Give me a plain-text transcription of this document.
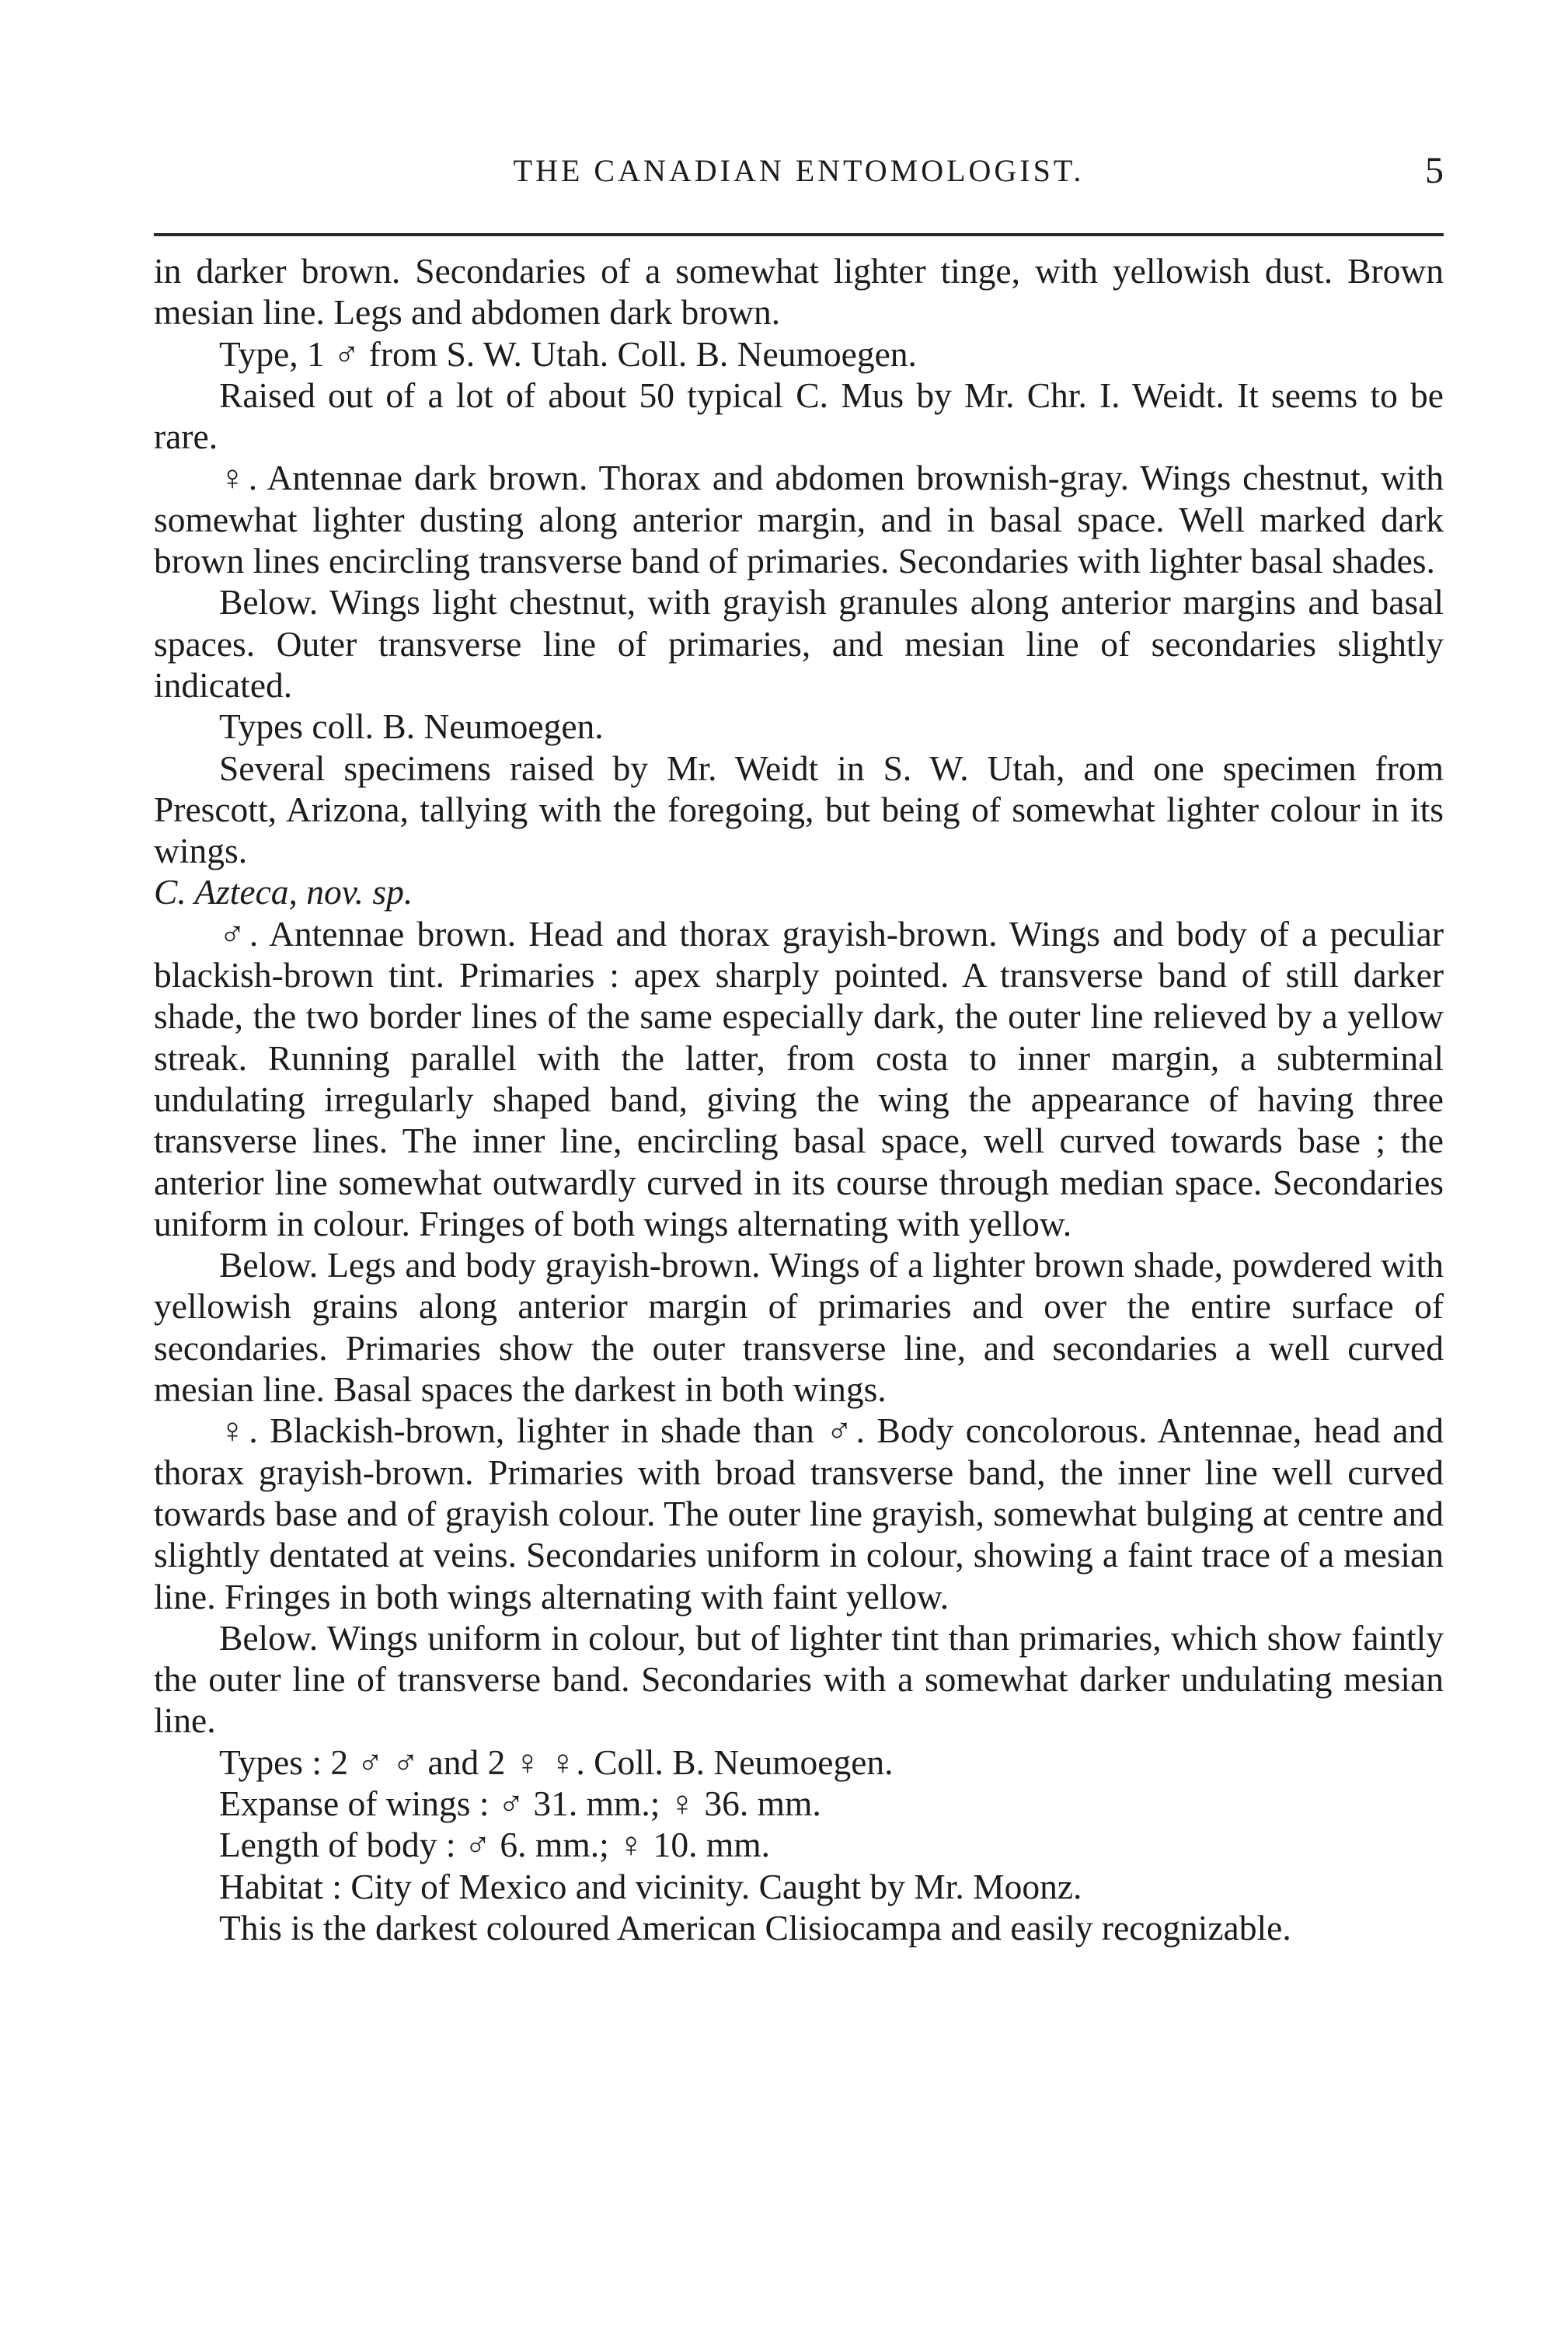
THE CANADIAN ENTOMOLOGIST.	5

in darker brown. Secondaries of a somewhat lighter tinge, with yellowish dust. Brown mesian line. Legs and abdomen dark brown.

Type, 1 ♂ from S. W. Utah. Coll. B. Neumoegen.

Raised out of a lot of about 50 typical C. Mus by Mr. Chr. I. Weidt. It seems to be rare.

♀. Antennae dark brown. Thorax and abdomen brownish-gray. Wings chestnut, with somewhat lighter dusting along anterior margin, and in basal space. Well marked dark brown lines encircling transverse band of primaries. Secondaries with lighter basal shades.

Below. Wings light chestnut, with grayish granules along anterior margins and basal spaces. Outer transverse line of primaries, and mesian line of secondaries slightly indicated.

Types coll. B. Neumoegen.

Several specimens raised by Mr. Weidt in S. W. Utah, and one specimen from Prescott, Arizona, tallying with the foregoing, but being of somewhat lighter colour in its wings.

C. Azteca, nov. sp.

♂. Antennae brown. Head and thorax grayish-brown. Wings and body of a peculiar blackish-brown tint. Primaries : apex sharply pointed. A transverse band of still darker shade, the two border lines of the same especially dark, the outer line relieved by a yellow streak. Running parallel with the latter, from costa to inner margin, a subterminal undulating irregularly shaped band, giving the wing the appearance of having three transverse lines. The inner line, encircling basal space, well curved towards base ; the anterior line somewhat outwardly curved in its course through median space. Secondaries uniform in colour. Fringes of both wings alternating with yellow.

Below. Legs and body grayish-brown. Wings of a lighter brown shade, powdered with yellowish grains along anterior margin of primaries and over the entire surface of secondaries. Primaries show the outer transverse line, and secondaries a well curved mesian line. Basal spaces the darkest in both wings.

♀. Blackish-brown, lighter in shade than ♂. Body concolorous. Antennae, head and thorax grayish-brown. Primaries with broad transverse band, the inner line well curved towards base and of grayish colour. The outer line grayish, somewhat bulging at centre and slightly dentated at veins. Secondaries uniform in colour, showing a faint trace of a mesian line. Fringes in both wings alternating with faint yellow.

Below. Wings uniform in colour, but of lighter tint than primaries, which show faintly the outer line of transverse band. Secondaries with a somewhat darker undulating mesian line.

Types : 2 ♂ ♂ and 2 ♀ ♀. Coll. B. Neumoegen.

Expanse of wings : ♂ 31. mm.; ♀ 36. mm.

Length of body : ♂ 6. mm.; ♀ 10. mm.

Habitat : City of Mexico and vicinity. Caught by Mr. Moonz.

This is the darkest coloured American Clisiocampa and easily recognizable.
